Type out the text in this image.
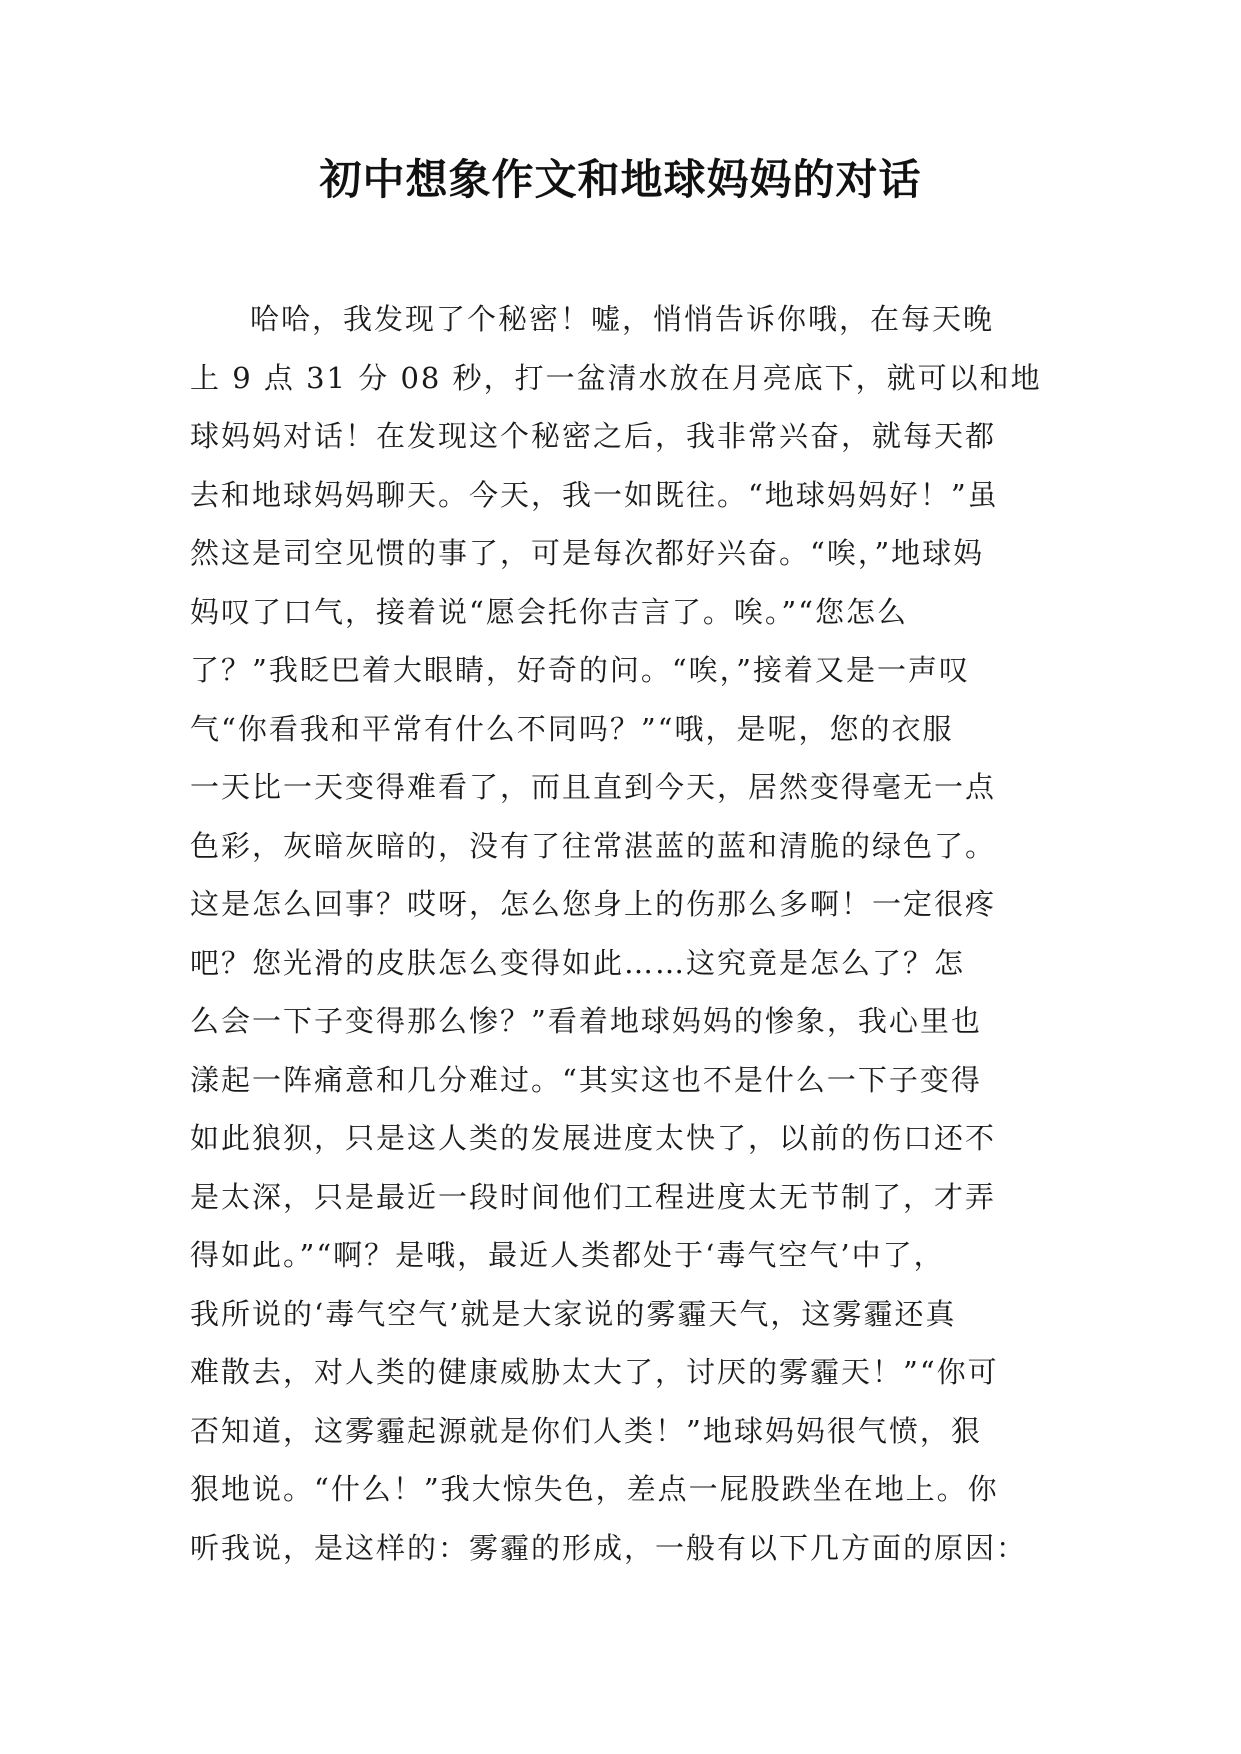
初中想象作文和地球妈妈的对话
哈哈，我发现了个秘密！嘘，悄悄告诉你哦，在每天晚
上 9 点 31 分 08 秒，打一盆清水放在月亮底下，就可以和地
球妈妈对话！在发现这个秘密之后，我非常兴奋，就每天都
去和地球妈妈聊天。今天，我一如既往。“地球妈妈好！”虽
然这是司空见惯的事了，可是每次都好兴奋。“唉，”地球妈
妈叹了口气，接着说“愿会托你吉言了。唉。”“您怎么
了？”我眨巴着大眼睛，好奇的问。“唉，”接着又是一声叹
气“你看我和平常有什么不同吗？”“哦，是呢，您的衣服
一天比一天变得难看了，而且直到今天，居然变得毫无一点
色彩，灰暗灰暗的，没有了往常湛蓝的蓝和清脆的绿色了。
这是怎么回事？哎呀，怎么您身上的伤那么多啊！一定很疼
吧？您光滑的皮肤怎么变得如此……这究竟是怎么了？怎
么会一下子变得那么惨？”看着地球妈妈的惨象，我心里也
漾起一阵痛意和几分难过。“其实这也不是什么一下子变得
如此狼狈，只是这人类的发展进度太快了，以前的伤口还不
是太深，只是最近一段时间他们工程进度太无节制了，才弄
得如此。”“啊？是哦，最近人类都处于‘毒气空气’中了，
我所说的‘毒气空气’就是大家说的雾霾天气，这雾霾还真
难散去，对人类的健康威胁太大了，讨厌的雾霾天！”“你可
否知道，这雾霾起源就是你们人类！”地球妈妈很气愤，狠
狠地说。“什么！”我大惊失色，差点一屁股跌坐在地上。你
听我说，是这样的：雾霾的形成，一般有以下几方面的原因：
